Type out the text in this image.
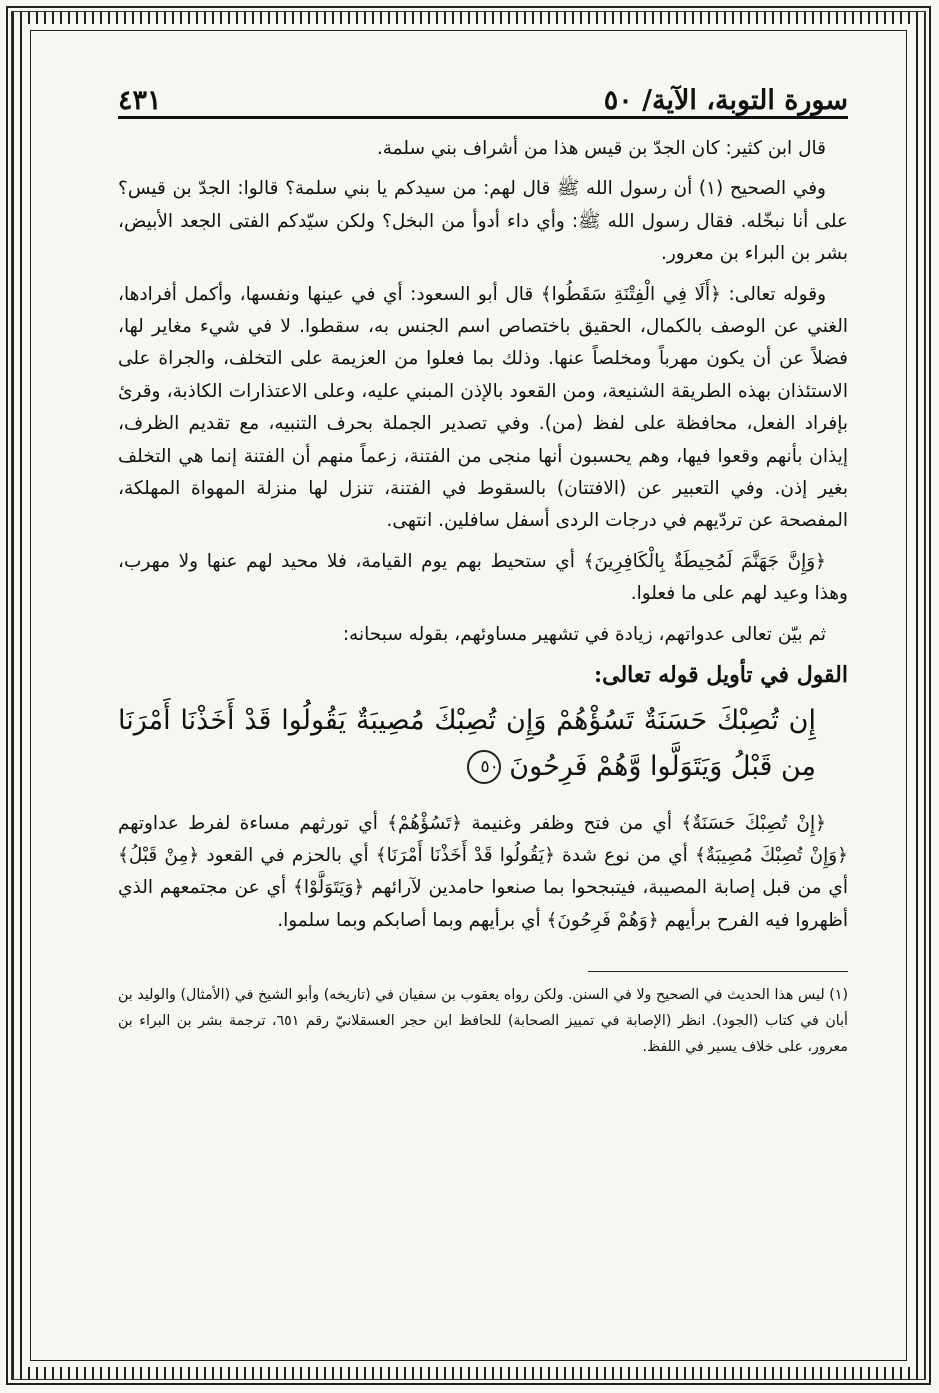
سورة التوبة، الآية/ ٥٠
٤٣١

قال ابن كثير: كان الجدّ بن قيس هذا من أشراف بني سلمة.

وفي الصحيح (١) أن رسول الله ﷺ قال لهم: من سيدكم يا بني سلمة؟ قالوا: الجدّ بن قيس؟ على أنا نبخّله. فقال رسول الله ﷺ: وأي داء أدوأ من البخل؟ ولكن سيّدكم الفتى الجعد الأبيض، بشر بن البراء بن معرور.

وقوله تعالى: ﴿أَلَا فِي الْفِتْنَةِ سَقَطُوا﴾ قال أبو السعود: أي في عينها ونفسها، وأكمل أفرادها، الغني عن الوصف بالكمال، الحقيق باختصاص اسم الجنس به، سقطوا. لا في شيء مغاير لها، فضلاً عن أن يكون مهرباً ومخلصاً عنها. وذلك بما فعلوا من العزيمة على التخلف، والجراة على الاستئذان بهذه الطريقة الشنيعة، ومن القعود بالإذن المبني عليه، وعلى الاعتذارات الكاذبة، وقرئ بإفراد الفعل، محافظة على لفظ (من). وفي تصدير الجملة بحرف التنبيه، مع تقديم الظرف، إيذان بأنهم وقعوا فيها، وهم يحسبون أنها منجى من الفتنة، زعماً منهم أن الفتنة إنما هي التخلف بغير إذن. وفي التعبير عن (الافتتان) بالسقوط في الفتنة، تنزل لها منزلة المهواة المهلكة، المفصحة عن تردّيهم في درجات الردى أسفل سافلين. انتهى.

﴿وَإِنَّ جَهَنَّمَ لَمُحِيطَةٌ بِالْكَافِرِينَ﴾ أي ستحيط بهم يوم القيامة، فلا محيد لهم عنها ولا مهرب، وهذا وعيد لهم على ما فعلوا.

ثم بيّن تعالى عدواتهم، زيادة في تشهير مساوئهم، بقوله سبحانه:

القول في تأويل قوله تعالى:

إِن تُصِبْكَ حَسَنَةٌ تَسُؤْهُمْ وَإِن تُصِبْكَ مُصِيبَةٌ يَقُولُوا قَدْ أَخَذْنَا أَمْرَنَا مِن قَبْلُ وَيَتَوَلَّوا وَّهُمْ فَرِحُونَ ٥٠

﴿إِنْ تُصِبْكَ حَسَنَةٌ﴾ أي من فتح وظفر وغنيمة ﴿تَسُؤْهُمْ﴾ أي تورثهم مساءة لفرط عداوتهم ﴿وَإِنْ تُصِبْكَ مُصِيبَةٌ﴾ أي من نوع شدة ﴿يَقُولُوا قَدْ أَخَذْنَا أَمْرَنَا﴾ أي بالحزم في القعود ﴿مِنْ قَبْلُ﴾ أي من قبل إصابة المصيبة، فيتبجحوا بما صنعوا حامدين لآرائهم ﴿وَيَتَوَلَّوْا﴾ أي عن مجتمعهم الذي أظهروا فيه الفرح برأيهم ﴿وَهُمْ فَرِحُونَ﴾ أي برأيهم وبما أصابكم وبما سلموا.

(١) ليس هذا الحديث في الصحيح ولا في السنن. ولكن رواه يعقوب بن سفيان في (تاريخه) وأبو الشيخ في (الأمثال) والوليد بن أبان في كتاب (الجود). انظر (الإصابة في تمييز الصحابة) للحافظ ابن حجر العسقلانيّ رقم ٦٥١، ترجمة بشر بن البراء بن معرور، على خلاف يسير في اللفظ.
